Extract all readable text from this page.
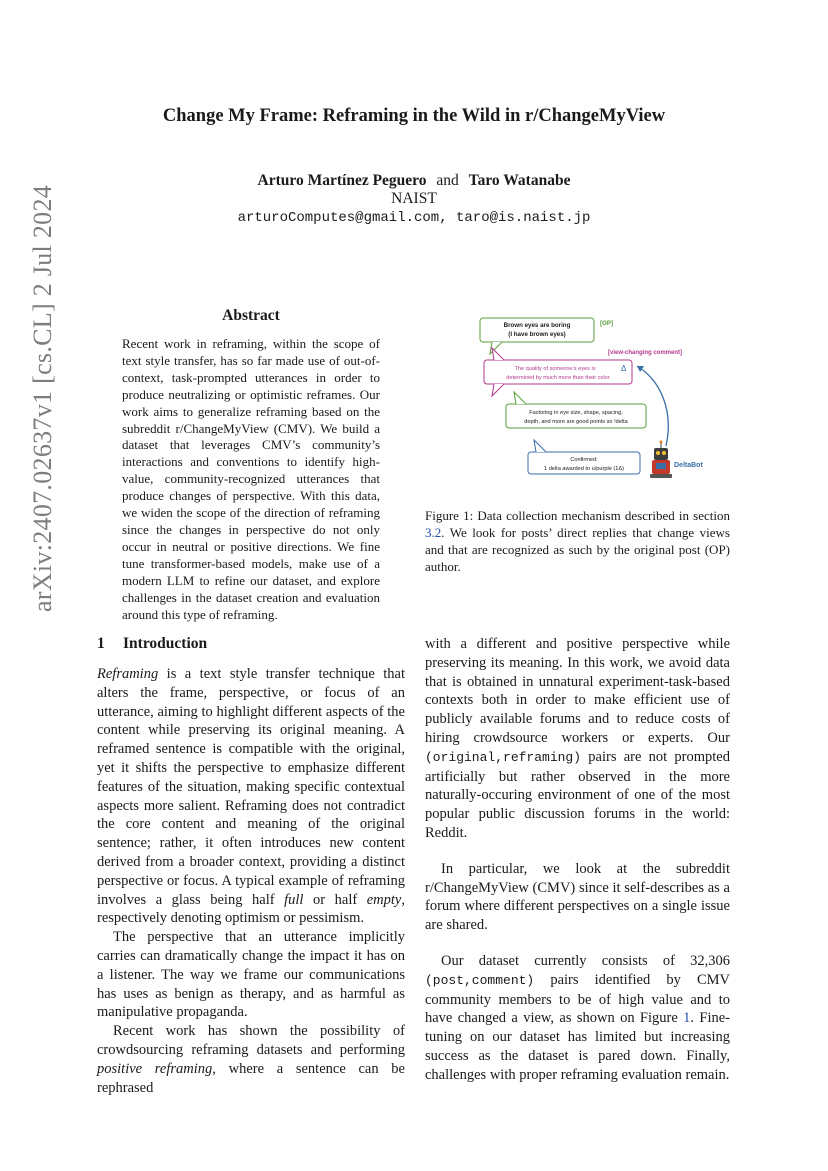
Change My Frame: Reframing in the Wild in r/ChangeMyView
Arturo Martínez Peguero and Taro Watanabe
NAIST
arturoComputes@gmail.com, taro@is.naist.jp
arXiv:2407.02637v1 [cs.CL] 2 Jul 2024	Abstract
Recent work in reframing, within the scope of text style transfer, has so far made use of out-of-context, task-prompted utterances in order to produce neutralizing or optimistic reframes. Our work aims to generalize reframing based on the subreddit r/ChangeMyView (CMV). We build a dataset that leverages CMV’s community’s interactions and conventions to identify high-value, community-recognized utterances that produce changes of perspective. With this data, we widen the scope of the direction of reframing since the changes in perspective do not only occur in neutral or positive directions. We fine tune transformer-based models, make use of a modern LLM to refine our dataset, and explore challenges in the dataset creation and evaluation around this type of reframing.
Brown eyes are boring
(I have brown eyes)
[OP]
[view-changing comment]
The quality of someone’s eyes is
determined by much more than their color
Δ
Factoring in eye size, shape, spacing,
depth, and more are good points so !delta
Confirmed:
1 delta awarded to u/purple (1Δ)	DeltaBot
Figure 1: Data collection mechanism described in section 3.2. We look for posts’ direct replies that change views and that are recognized as such by the original post (OP) author.
1 Introduction

Reframing is a text style transfer technique that alters the frame, perspective, or focus of an utterance, aiming to highlight different aspects of the content while preserving its original meaning. A reframed sentence is compatible with the original, yet it shifts the perspective to emphasize different features of the situation, making specific contextual aspects more salient. Reframing does not contradict the core content and meaning of the original sentence; rather, it often introduces new content derived from a broader context, providing a distinct perspective or focus. A typical example of reframing involves a glass being half full or half empty, respectively denoting optimism or pessimism.

The perspective that an utterance implicitly carries can dramatically change the impact it has on a listener. The way we frame our communications has uses as benign as therapy, and as harmful as manipulative propaganda.

Recent work has shown the possibility of crowdsourcing reframing datasets and performing positive reframing, where a sentence can be rephrased

with a different and positive perspective while preserving its meaning. In this work, we avoid data that is obtained in unnatural experiment-task-based contexts both in order to make efficient use of publicly available forums and to reduce costs of hiring crowdsource workers or experts. Our (original,reframing) pairs are not prompted artificially but rather observed in the more naturally-occuring environment of one of the most popular public discussion forums in the world: Reddit.

In particular, we look at the subreddit r/ChangeMyView (CMV) since it self-describes as a forum where different perspectives on a single issue are shared.

Our dataset currently consists of 32,306 (post,comment) pairs identified by CMV community members to be of high value and to have changed a view, as shown on Figure 1. Fine-tuning on our dataset has limited but increasing success as the dataset is pared down. Finally, challenges with proper reframing evaluation remain.
